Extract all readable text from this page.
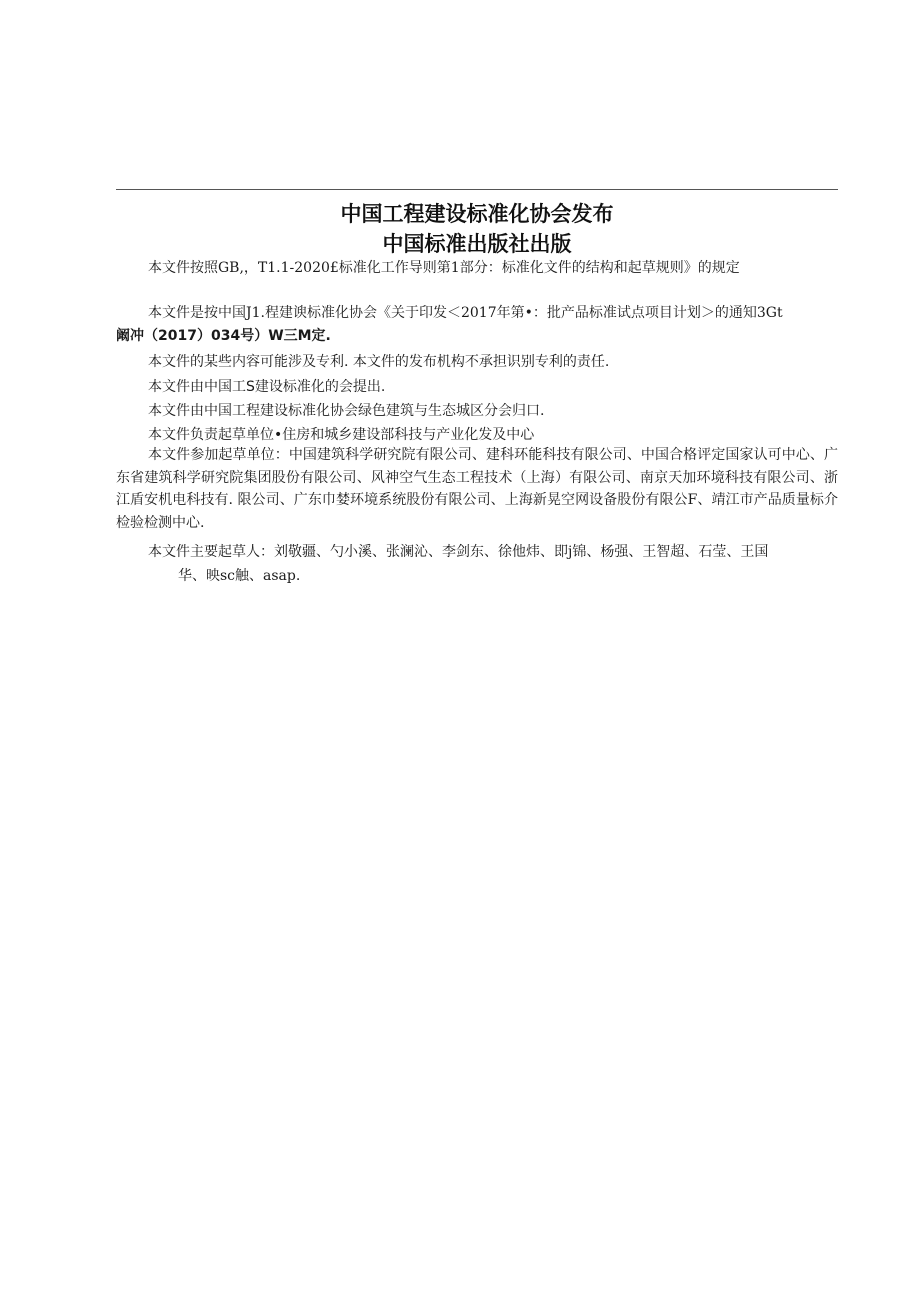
中国工程建设标准化协会发布
中国标准出版社出版
本文件按照GB,，T1.1-2020£标准化工作导则第1部分：标准化文件的结构和起草规则》的规定
本文件是按中国J1.程建谀标准化协会《关于印发＜2017年第•：批产品标准试点项目计划＞的通知3Gt
阚冲（2017）034号）W三M定.
本文件的某些内容可能涉及专利. 本文件的发布机构不承担识别专利的责任.
本文件由中国工S建设标准化的会提出.
本文件由中国工程建设标准化协会绿色建筑与生态城区分会归口.
本文件负责起草单位•住房和城乡建设部科技与产业化发及中心
本文件参加起草单位：中国建筑科学研究院有限公司、建科环能科技有限公司、中国合格评定国家认可中心、广东省建筑科学研究院集团股份有限公司、风神空气生态工程技术（上海）有限公司、南京天加环境科技有限公司、浙江盾安机电科技有. 限公司、广东巾婪环境系统股份有限公司、上海新晃空网设备股份有限公F、靖江市产品质量标介检验检测中心.
本文件主要起草人：刘敬疆、勺小溪、张澜沁、李剑东、徐他炜、即j锦、杨强、王智超、石莹、王国
华、映sc触、asap.
